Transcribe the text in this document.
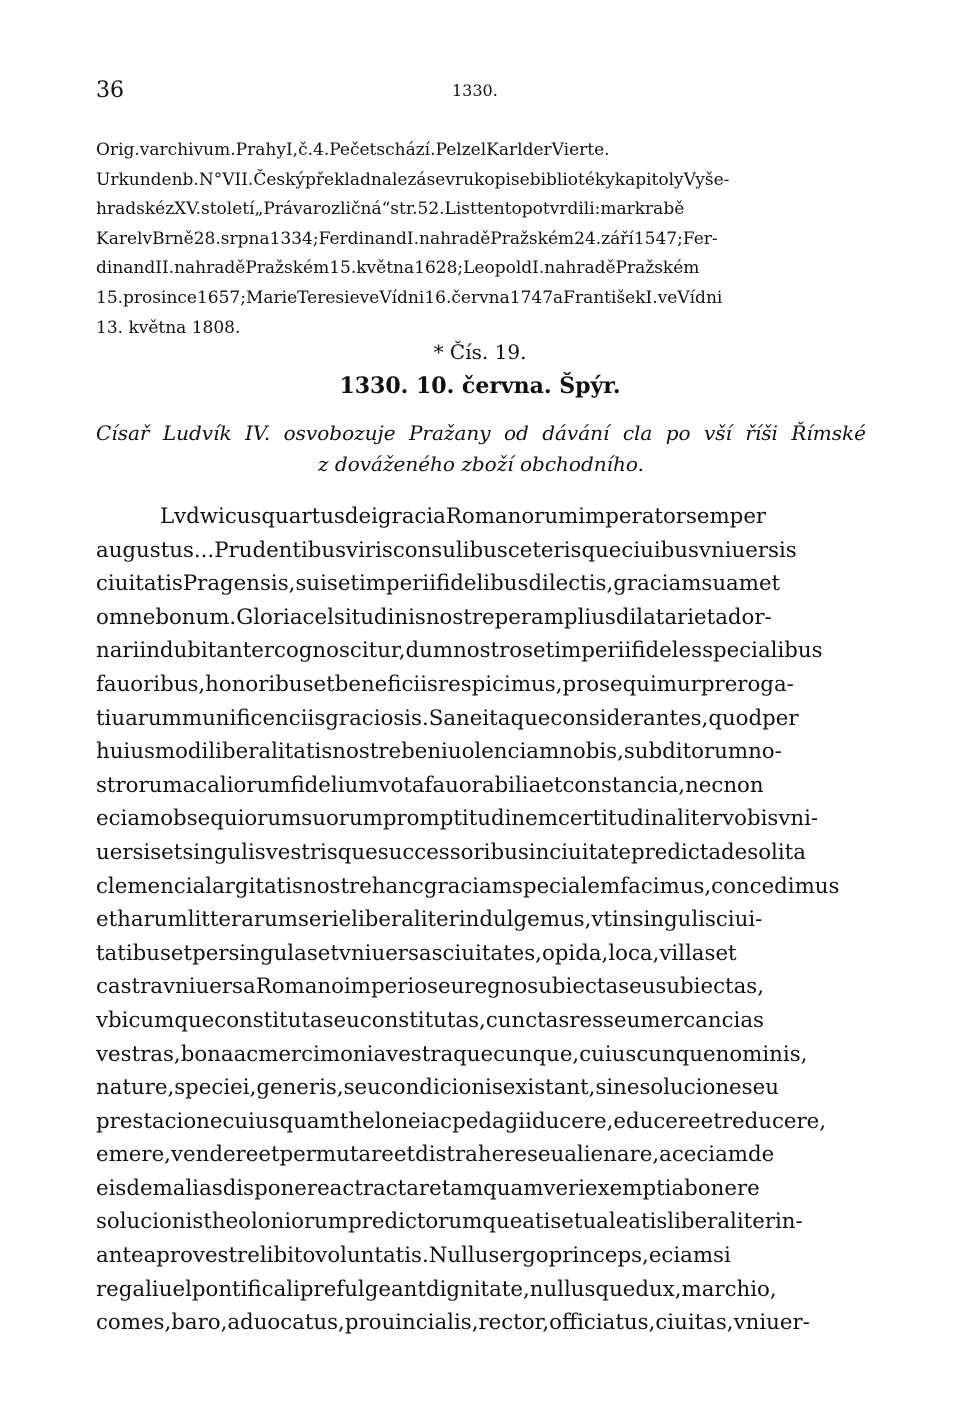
36	1330.
Orig.varchivum.PrahyI,č.4.Pečetschází.PelzelKarlderVierte.
Urkundenb.N°VII.ČeskýpřekladnalezásevrukopisebibliotékykapitolyVyše-
hradskézXV.století„Právarozličná“str.52.Listtentopotvrdili:markrabě
KarelvBrně28.srpna1334;FerdinandI.nahraděPražském24.září1547;Fer-
dinandII.nahraděPražském15.května1628;LeopoldI.nahraděPražském
15.prosince1657;MarieTeresieveVídni16.června1747aFrantišekI.veVídni
13. května 1808.
* Čís. 19.
1330. 10. června. Špýr.
Císař Ludvík IV. osvobozuje Pražany od dávání cla po vší říši Římské
z dováženého zboží obchodního.
LvdwicusquartusdeigraciaRomanorumimperatorsemper
augustus...Prudentibusvirisconsulibusceterisqueciuibusvniuersis
ciuitatisPragensis,suisetimperiifidelibusdilectis,graciamsuamet
omnebonum.Gloriacelsitudinisnostreperampliusdilatarietador-
nariindubitantercognoscitur,dumnostrosetimperiifidelesspecialibus
fauoribus,honoribusetbeneficiisrespicimus,prosequimurpreroga-
tiuarummunificenciisgraciosis.Saneitaqueconsiderantes,quodper
huiusmodiliberalitatisnostrebeniuolenciamnobis,subditorumno-
strorumacaliorumfideliumvotafauorabiliaetconstancia,necnon
eciamobsequiorumsuorumpromptitudinemcertitudinalitervobisvni-
uersisetsingulisvestrisquesuccessoribusinciuitatepredictadesolita
clemencialargitatisnostrehancgraciamspecialemfacimus,concedimus
etharumlitterarumserieliberaliterindulgemus,vtinsingulisciui-
tatibusetpersingulasetvniuersasciuitates,opida,loca,villaset
castravniuersaRomanoimperioseuregnosubiectaseusubiectas,
vbicumqueconstitutaseuconstitutas,cunctasresseumercancias
vestras,bonaacmercimoniavestraquecunque,cuiuscunquenominis,
nature,speciei,generis,seucondicionisexistant,sinesolucioneseu
prestacionecuiusquamtheloneiacpedagiiducere,educereetreducere,
emere,vendereetpermutareetdistrahereseualienare,aceciamde
eisdemaliasdisponereactractaretamquamveriexemptiabonere
solucionistheoloniorumpredictorumqueatisetualeatisliberaliterin-
anteaprovestrelibitovoluntatis.Nullusergoprinceps,eciamsi
regaliuelpontificaliprefulgeantdignitate,nullusquedux,marchio,
comes,baro,aduocatus,prouincialis,rector,officiatus,ciuitas,vniuer-
